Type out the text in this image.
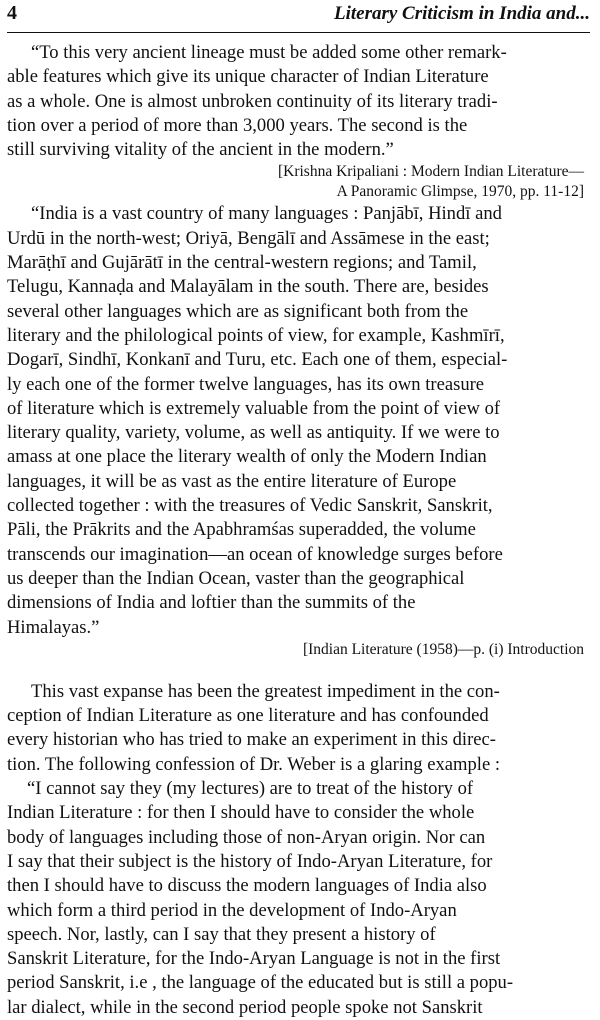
4	Literary Criticism in India and...
“To this very ancient lineage must be added some other remark-
able features which give its unique character of Indian Literature
as a whole. One is almost unbroken continuity of its literary tradi-
tion over a period of more than 3,000 years. The second is the
still surviving vitality of the ancient in the modern.”
[Krishna Kripaliani : Modern Indian Literature—
A Panoramic Glimpse, 1970, pp. 11-12]
“India is a vast country of many languages : Panjābī, Hindī and
Urdū in the north-west; Oriyā, Bengālī and Assāmese in the east;
Marāṭhī and Gujārātī in the central-western regions; and Tamil,
Telugu, Kannaḍa and Malayālam in the south. There are, besides
several other languages which are as significant both from the
literary and the philological points of view, for example, Kashmīrī,
Dogarī, Sindhī, Konkanī and Turu, etc. Each one of them, especial-
ly each one of the former twelve languages, has its own treasure
of literature which is extremely valuable from the point of view of
literary quality, variety, volume, as well as antiquity. If we were to
amass at one place the literary wealth of only the Modern Indian
languages, it will be as vast as the entire literature of Europe
collected together : with the treasures of Vedic Sanskrit, Sanskrit,
Pāli, the Prākrits and the Apabhramśas superadded, the volume
transcends our imagination—an ocean of knowledge surges before
us deeper than the Indian Ocean, vaster than the geographical
dimensions of India and loftier than the summits of the
Himalayas.”
[Indian Literature (1958)—p. (i) Introduction
This vast expanse has been the greatest impediment in the con-
ception of Indian Literature as one literature and has confounded
every historian who has tried to make an experiment in this direc-
tion. The following confession of Dr. Weber is a glaring example :
“I cannot say they (my lectures) are to treat of the history of
Indian Literature : for then I should have to consider the whole
body of languages including those of non-Aryan origin. Nor can
I say that their subject is the history of Indo-Aryan Literature, for
then I should have to discuss the modern languages of India also
which form a third period in the development of Indo-Aryan
speech. Nor, lastly, can I say that they present a history of
Sanskrit Literature, for the Indo-Aryan Language is not in the first
period Sanskrit, i.e , the language of the educated but is still a popu-
lar dialect, while in the second period people spoke not Sanskrit
